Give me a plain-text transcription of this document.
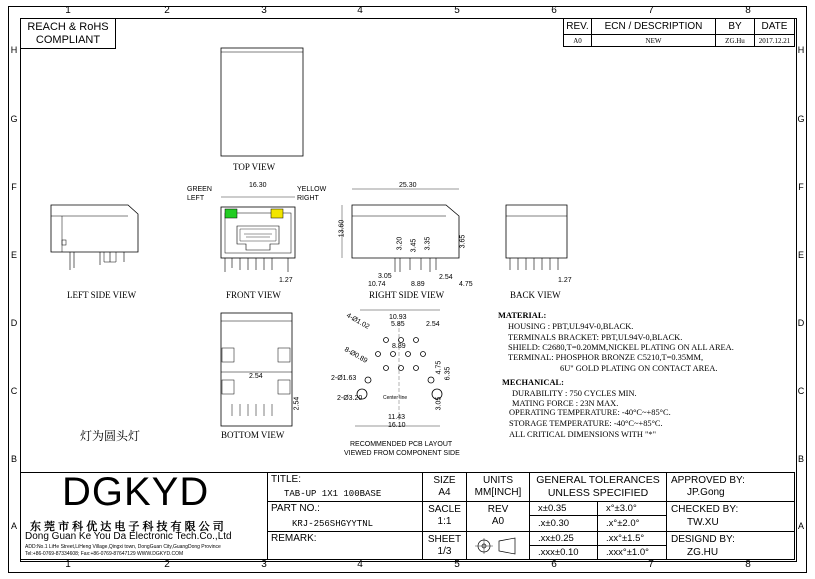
1	2	3	4	5	6	7	8
1	2	3	4	5	6	7	8
H
G
F
E
D
C
B
A
H
G
F
E
D
C
B
A
REACH & RoHS
COMPLIANT
REV.	ECN / DESCRIPTION	BY	DATE
A0	NEW	ZG.Hu	2017.12.21
TOP VIEW
LEFT SIDE VIEW	FRONT VIEW	RIGHT SIDE VIEW	BACK VIEW
BOTTOM VIEW
RECOMMENDED PCB LAYOUT
VIEWED FROM COMPONENT SIDE
GREEN
LEFT
YELLOW
RIGHT
16.30
1.27
25.30
13.60
3.20 3.45 3.35	3.65
3.05
10.74	8.89
2.54
4.75
1.27
2.54
2.54
10.93
5.85	2.54
8.89
4-Ø1.02
8-Ø0.89
2-Ø1.63
2-Ø3.20
4.75 6.35
3.05
11.43
16.10
Center line
灯为圆头灯
MATERIAL:
HOUSING : PBT,UL94V-0,BLACK.
TERMINALS BRACKET: PBT,UL94V-0,BLACK.
SHIELD: C2680,T=0.20MM,NICKEL PLATING ON ALL AREA.
TERMINAL: PHOSPHOR BRONZE C5210,T=0.35MM,
6U" GOLD PLATING ON CONTACT AREA.
MECHANICAL:
DURABILITY : 750 CYCLES MIN.
MATING FORCE : 23N MAX.
OPERATING TEMPERATURE: -40°C~+85°C.
STORAGE TEMPERATURE: -40°C~+85°C.
ALL CRITICAL DIMENSIONS WITH "*"
DGKYD
东 莞 市 科 优 达 电 子 科 技 有 限 公 司
Dong Guan Ke You Da Electronic Tech.Co.,Ltd
ADD:No.1 LiHe Street,LiHeng Village,Qingxi town, DongGuan City,GuangDong Province
Tel:+86-0769-87334608; Fax:+86-0769-87647129 WWW.DGKYD.COM
TITLE:
TAB-UP 1X1 100BASE
PART NO.:
KRJ-256SHGYYTNL
REMARK:
SIZE
A4
SACLE
1:1
SHEET
1/3
UNITS
MM[INCH]
REV
A0
GENERAL TOLERANCES
UNLESS SPECIFIED
x±0.35	x°±3.0°
.x±0.30	.x°±2.0°
.xx±0.25	.xx°±1.5°
.xxx±0.10	.xxx°±1.0°
APPROVED BY:
JP.Gong
CHECKED BY:
TW.XU
DESIGND BY:
ZG.HU
